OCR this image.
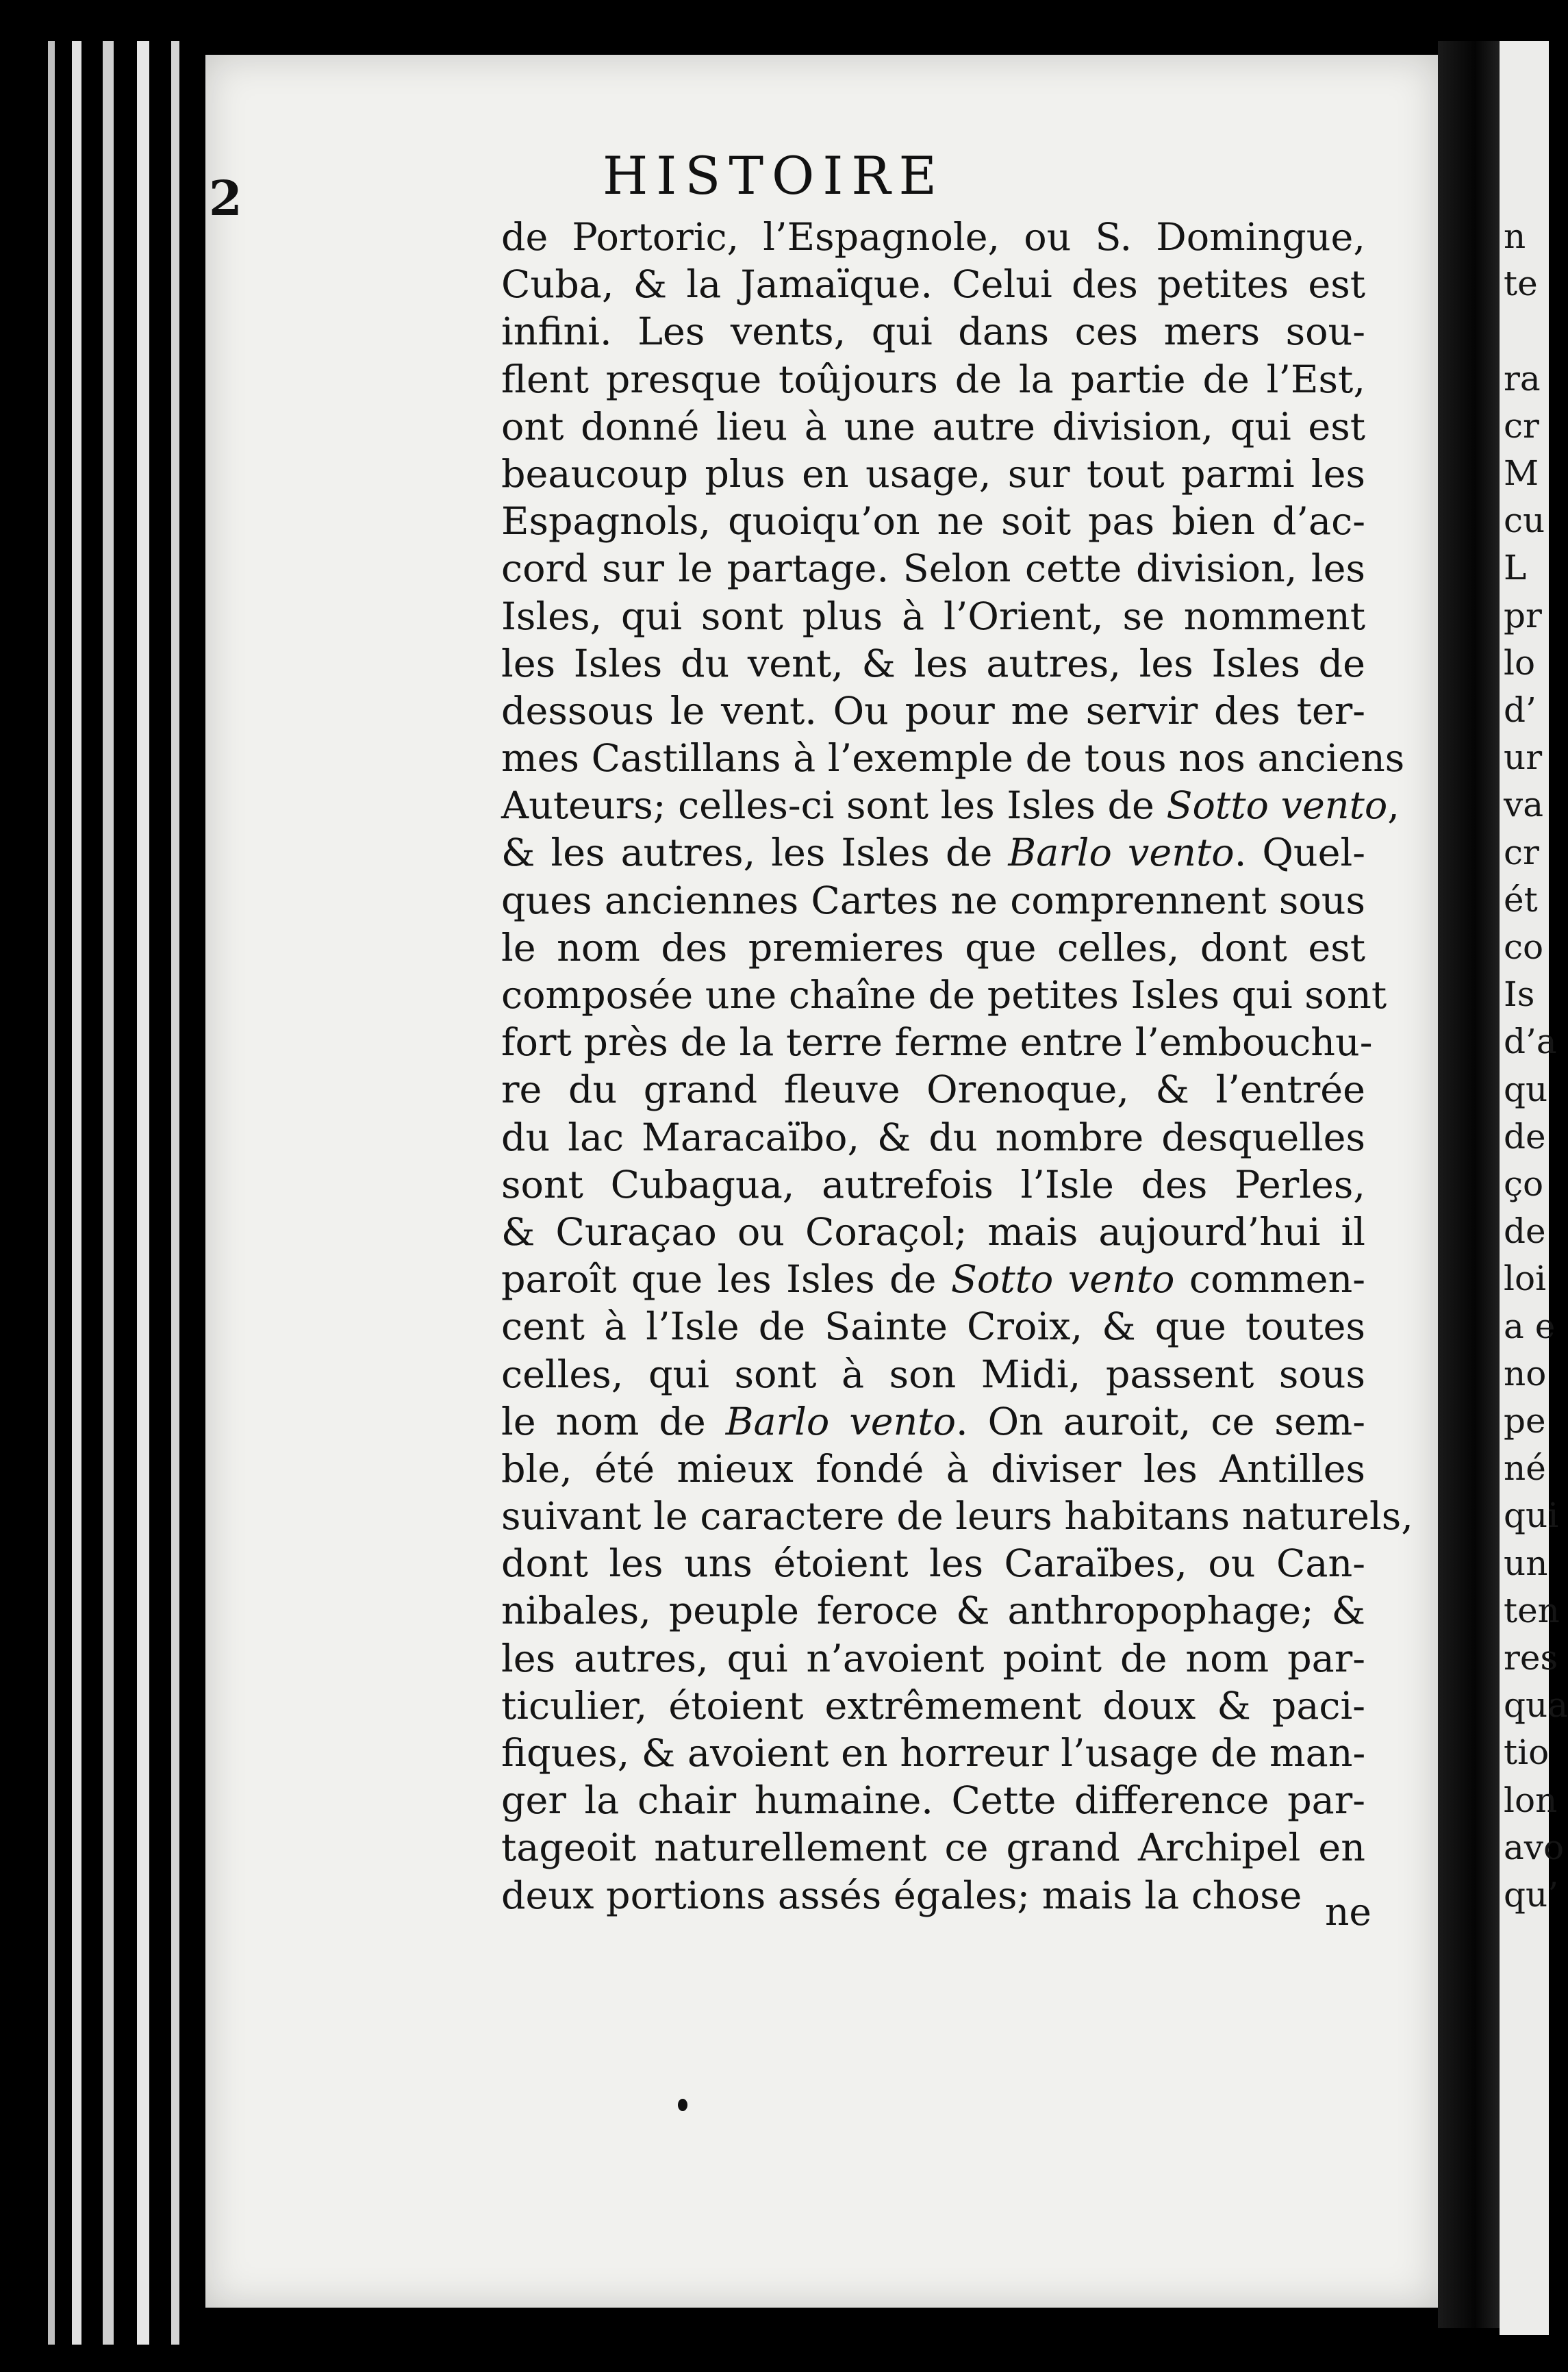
2	HISTOIRE
de Portoric, l’Espagnole, ou S. Domingue,
Cuba, & la Jamaïque. Celui des petites est
infini. Les vents, qui dans ces mers sou-
flent presque toûjours de la partie de l’Est,
ont donné lieu à une autre division, qui est
beaucoup plus en usage, sur tout parmi les
Espagnols, quoiqu’on ne soit pas bien d’ac-
cord sur le partage. Selon cette division, les
Isles, qui sont plus à l’Orient, se nomment
les Isles du vent, & les autres, les Isles de
dessous le vent. Ou pour me servir des ter-
mes Castillans à l’exemple de tous nos anciens
Auteurs; celles-ci sont les Isles de Sotto vento
& les autres, les Isles de Barlo vento. Quel-
ques anciennes Cartes ne comprennent sous
le nom des premieres que celles, dont est
composée une chaîne de petites Isles qui sont
fort près de la terre ferme entre l’embouchu-
re du grand fleuve Orenoque, & l’entrée
du lac Maracaïbo, & du nombre desquelles
sont Cubagua, autrefois l’Isle des Perles,
& Curaçao ou Coraçol; mais aujourd’hui il
paroît que les Isles de Sotto vento commen-
cent à l’Isle de Sainte Croix, & que toutes
celles, qui sont à son Midi, passent sous
le nom de Barlo vento. On auroit, ce sem-
ble, été mieux fondé à diviser les Antilles
suivant le caractere de leurs habitans naturels,
dont les uns étoient les Caraïbes, ou Can-
nibales, peuple feroce & anthropophage; &
les autres, qui n’avoient point de nom par-
ticulier, étoient extrêmement doux & paci-
fiques, & avoient en horreur l’usage de man-
ger la chair humaine. Cette difference par-
tageoit naturellement ce grand Archipel en
deux portions assés égales; mais la chose ne
n
te
ra
cr
M
cu
L
pr
lo
d’
ur
va
cr
ét
co
Is
d’a
qu
de
ço
de
loi
a e
no
pe
né
qui
un
ten
res
qua
tio
lon
avo
qu’
